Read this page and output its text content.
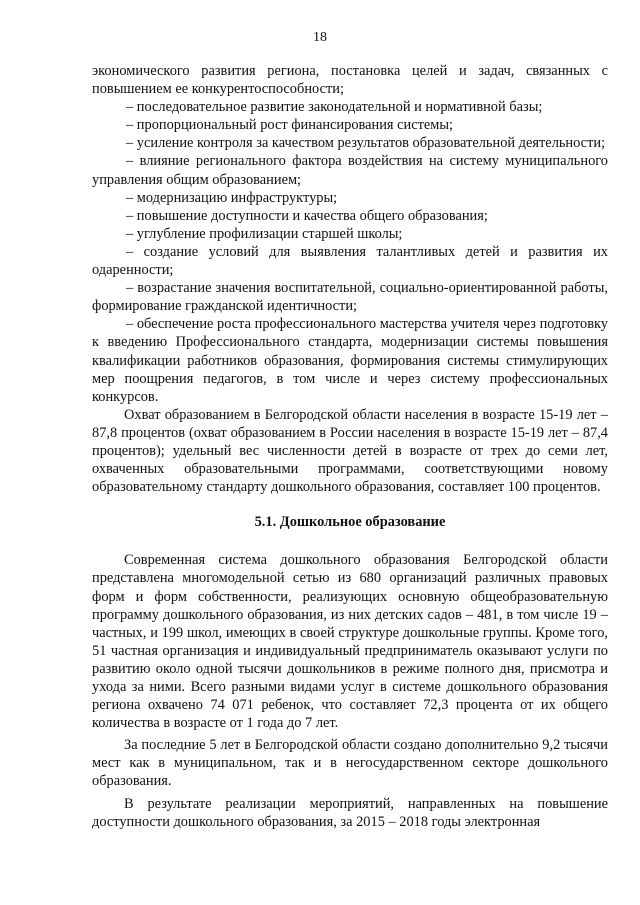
18

экономического развития региона, постановка целей и задач, связанных с повышением ее конкурентоспособности;

– последовательное развитие законодательной и нормативной базы;

– пропорциональный рост финансирования системы;

– усиление контроля за качеством результатов образовательной деятельности;

– влияние регионального фактора воздействия на систему муниципального управления общим образованием;

– модернизацию инфраструктуры;

– повышение доступности и качества общего образования;

– углубление профилизации старшей школы;

– создание условий для выявления талантливых детей и развития их одаренности;

– возрастание значения воспитательной, социально-ориентированной работы, формирование гражданской идентичности;

– обеспечение роста профессионального мастерства учителя через подготовку к введению Профессионального стандарта, модернизации системы повышения квалификации работников образования, формирования системы стимулирующих мер поощрения педагогов, в том числе и через систему профессиональных конкурсов.

Охват образованием в Белгородской области населения в возрасте 15-19 лет – 87,8 процентов (охват образованием в России населения в возрасте 15-19 лет – 87,4 процентов); удельный вес численности детей в возрасте от трех до семи лет, охваченных образовательными программами, соответствующими новому образовательному стандарту дошкольного образования, составляет 100 процентов.

5.1. Дошкольное образование

Современная система дошкольного образования Белгородской области представлена многомодельной сетью из 680 организаций различных правовых форм и форм собственности, реализующих основную общеобразовательную программу дошкольного образования, из них детских садов – 481, в том числе 19 – частных, и 199 школ, имеющих в своей структуре дошкольные группы. Кроме того, 51 частная организация и индивидуальный предприниматель оказывают услуги по развитию около одной тысячи дошкольников в режиме полного дня, присмотра и ухода за ними. Всего разными видами услуг в системе дошкольного образования региона охвачено 74 071 ребенок, что составляет 72,3 процента от их общего количества в возрасте от 1 года до 7 лет.

За последние 5 лет в Белгородской области создано дополнительно 9,2 тысячи мест как в муниципальном, так и в негосударственном секторе дошкольного образования.

В результате реализации мероприятий, направленных на повышение доступности дошкольного образования, за 2015 – 2018 годы электронная
